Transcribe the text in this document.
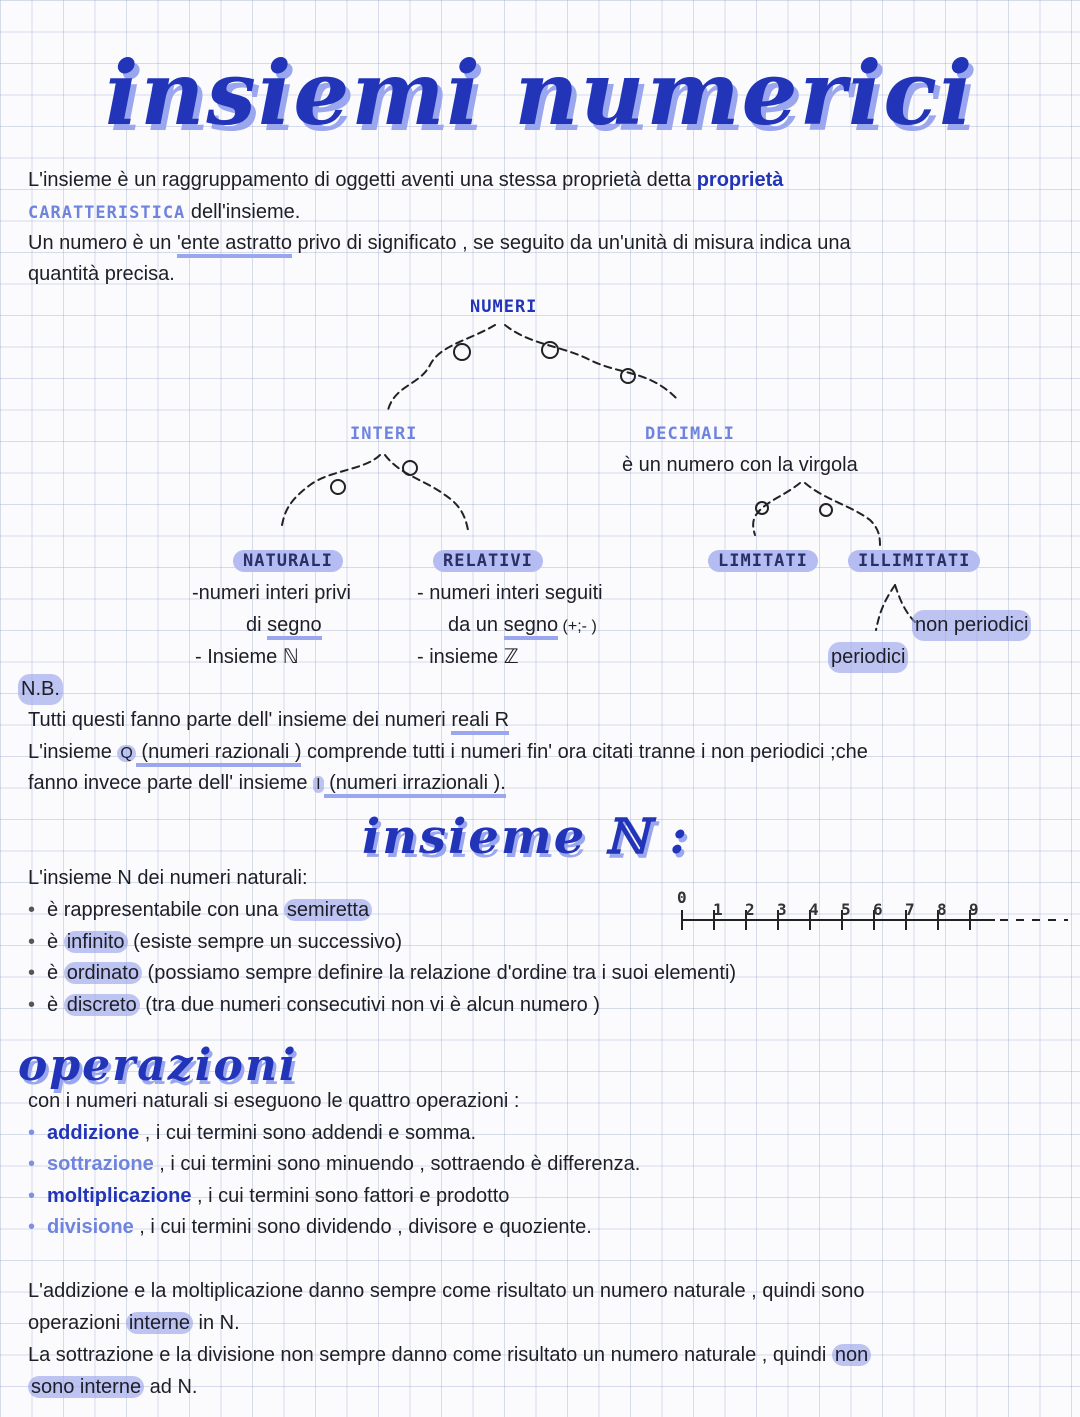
insiemi numerici
L'insieme è un raggruppamento di oggetti aventi una stessa proprietà detta proprietà
CARATTERISTICA dell'insieme.
Un numero è un 'ente astratto privo di significato , se seguito da un'unità di misura indica una
quantità precisa.
NUMERI
INTERI	DECIMALI
è un numero con la virgola
NATURALI
-numeri interi privi
di segno
- Insieme ℕ
RELATIVI
- numeri interi seguiti
da un segno (+;- )
- insieme ℤ
LIMITATI	ILLIMITATI
non periodici
periodici
N.B.
Tutti questi fanno parte dell' insieme dei numeri reali R
L'insieme Q (numeri razionali ) comprende tutti i numeri fin' ora citati tranne i non periodici ;che
fanno invece parte dell' insieme I (numeri irrazionali ).
insieme ℕ :
L'insieme N dei numeri naturali:
• è rappresentabile con una semiretta
• è infinito (esiste sempre un successivo)
• è ordinato (possiamo sempre definire la relazione d'ordine tra i suoi elementi)
• è discreto (tra due numeri consecutivi non vi è alcun numero )
0
1 2 3 4 5 6 7 8 9
operazioni
con i numeri naturali si eseguono le quattro operazioni :
• addizione , i cui termini sono addendi e somma.
• sottrazione , i cui termini sono minuendo , sottraendo è differenza.
• moltiplicazione , i cui termini sono fattori e prodotto
• divisione , i cui termini sono dividendo , divisore e quoziente.
L'addizione e la moltiplicazione danno sempre come risultato un numero naturale , quindi sono
operazioni interne in N.
La sottrazione e la divisione non sempre danno come risultato un numero naturale , quindi non
sono interne ad N.
